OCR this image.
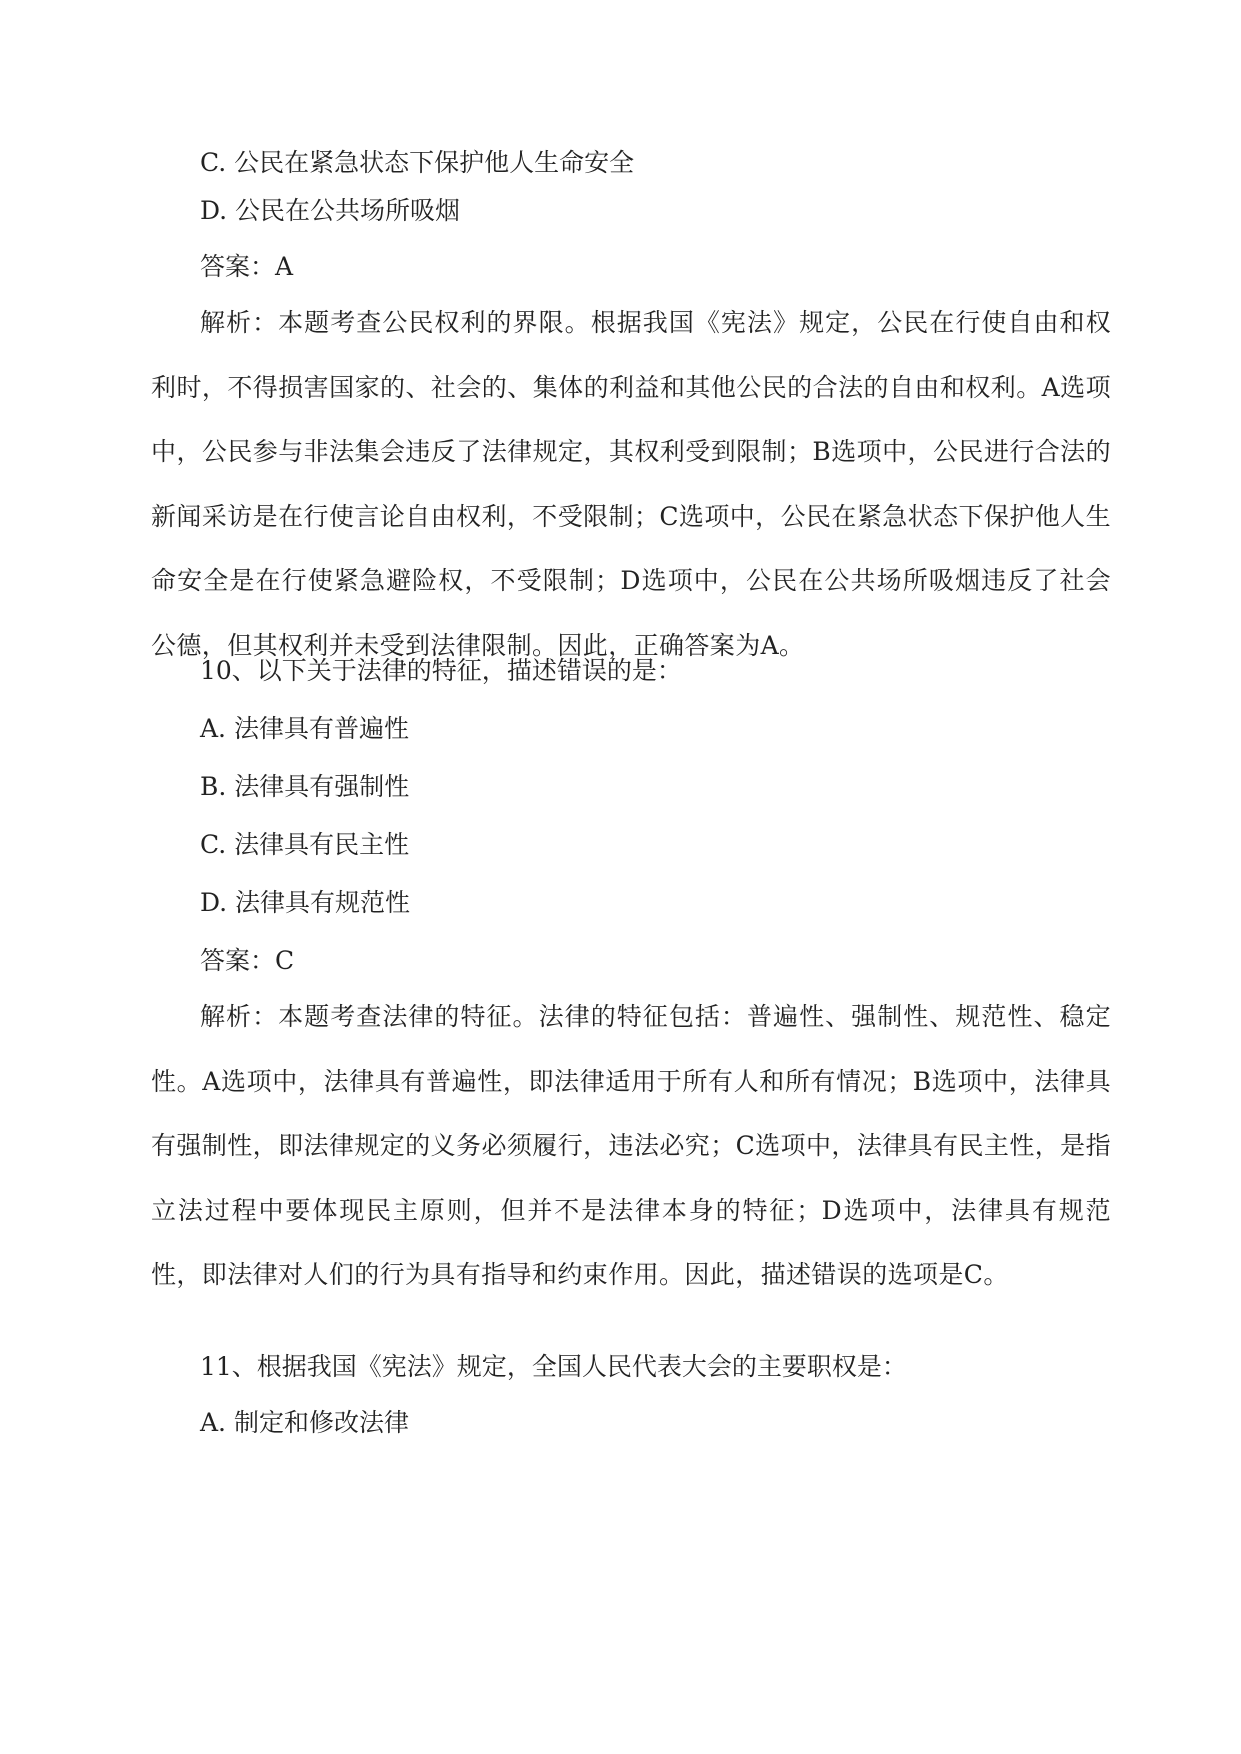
C. 公民在紧急状态下保护他人生命安全

D. 公民在公共场所吸烟

答案：A

解析：本题考查公民权利的界限。根据我国《宪法》规定，公民在行使自由和权利时，不得损害国家的、社会的、集体的利益和其他公民的合法的自由和权利。A选项中，公民参与非法集会违反了法律规定，其权利受到限制；B选项中，公民进行合法的新闻采访是在行使言论自由权利，不受限制；C选项中，公民在紧急状态下保护他人生命安全是在行使紧急避险权，不受限制；D选项中，公民在公共场所吸烟违反了社会公德，但其权利并未受到法律限制。因此，正确答案为A。

10、以下关于法律的特征，描述错误的是：

A. 法律具有普遍性

B. 法律具有强制性

C. 法律具有民主性

D. 法律具有规范性

答案：C

解析：本题考查法律的特征。法律的特征包括：普遍性、强制性、规范性、稳定性。A选项中，法律具有普遍性，即法律适用于所有人和所有情况；B选项中，法律具有强制性，即法律规定的义务必须履行，违法必究；C选项中，法律具有民主性，是指立法过程中要体现民主原则，但并不是法律本身的特征；D选项中，法律具有规范性，即法律对人们的行为具有指导和约束作用。因此，描述错误的选项是C。

11、根据我国《宪法》规定，全国人民代表大会的主要职权是：

A. 制定和修改法律
